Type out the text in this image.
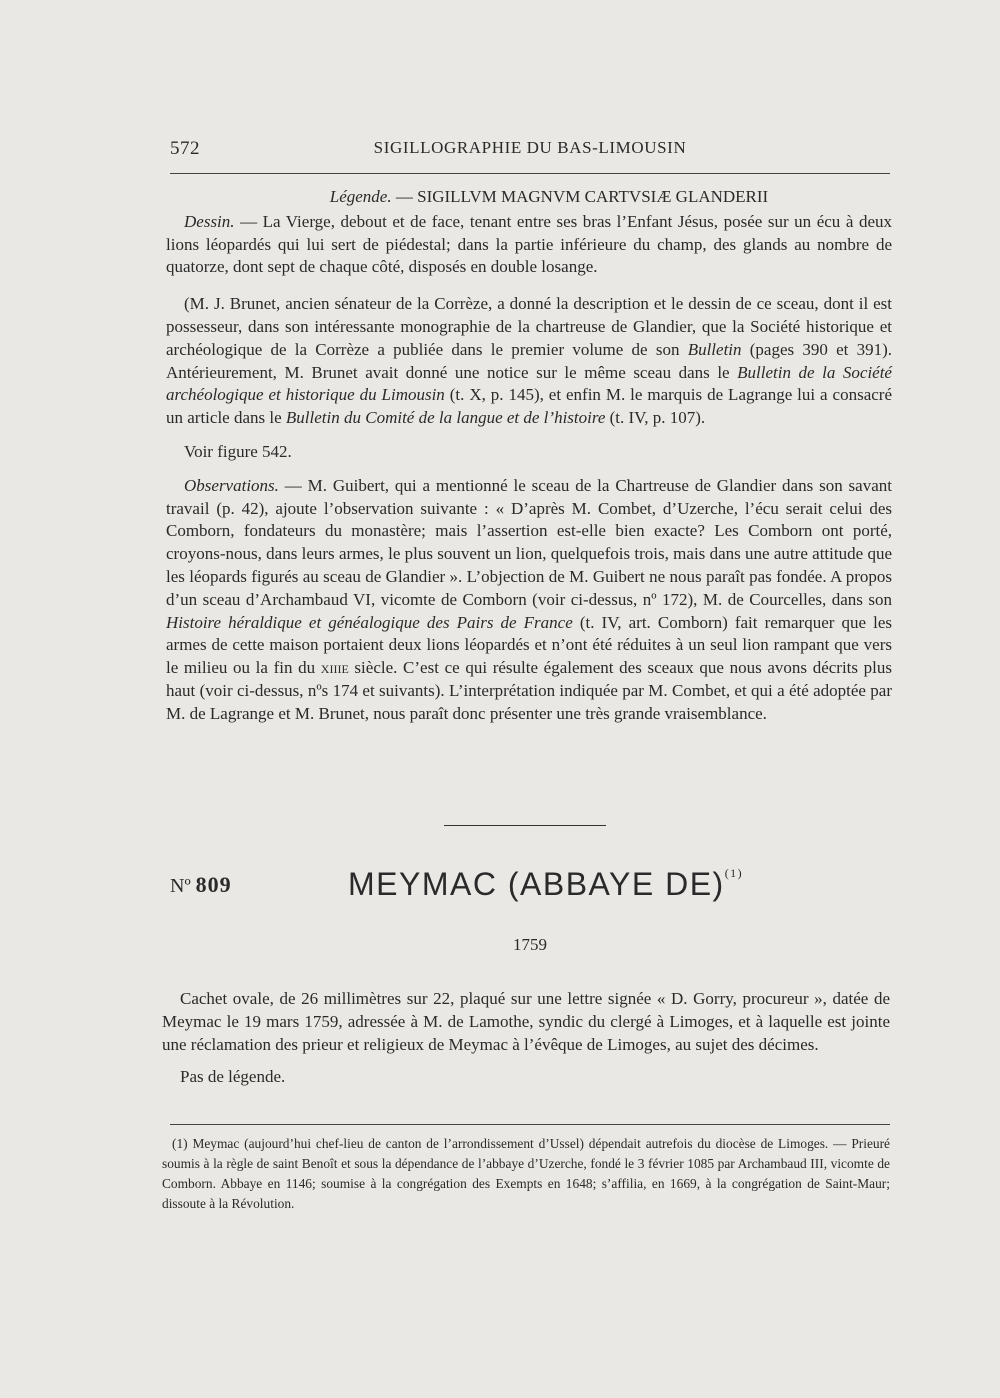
572	SIGILLOGRAPHIE DU BAS-LIMOUSIN

Légende. — SIGILLVM MAGNVM CARTVSIÆ GLANDERII

Dessin. — La Vierge, debout et de face, tenant entre ses bras l’Enfant Jésus, posée sur un écu à deux lions léopardés qui lui sert de piédestal; dans la partie inférieure du champ, des glands au nombre de quatorze, dont sept de chaque côté, disposés en double losange.

(M. J. Brunet, ancien sénateur de la Corrèze, a donné la description et le dessin de ce sceau, dont il est possesseur, dans son intéressante monographie de la chartreuse de Glandier, que la Société historique et archéologique de la Corrèze a publiée dans le premier volume de son Bulletin (pages 390 et 391). Antérieurement, M. Brunet avait donné une notice sur le même sceau dans le Bulletin de la Société archéologique et historique du Limousin (t. X, p. 145), et enfin M. le marquis de Lagrange lui a consacré un article dans le Bulletin du Comité de la langue et de l’histoire (t. IV, p. 107).

Voir figure 542.

Observations. — M. Guibert, qui a mentionné le sceau de la Chartreuse de Glandier dans son savant travail (p. 42), ajoute l’observation suivante : « D’après M. Combet, d’Uzerche, l’écu serait celui des Comborn, fondateurs du monastère; mais l’assertion est-elle bien exacte? Les Comborn ont porté, croyons-nous, dans leurs armes, le plus souvent un lion, quelquefois trois, mais dans une autre attitude que les léopards figurés au sceau de Glandier ». L’objection de M. Guibert ne nous paraît pas fondée. A propos d’un sceau d’Archambaud VI, vicomte de Comborn (voir ci-dessus, nº 172), M. de Courcelles, dans son Histoire héraldique et généalogique des Pairs de France (t. IV, art. Comborn) fait remarquer que les armes de cette maison portaient deux lions léopardés et n’ont été réduites à un seul lion rampant que vers le milieu ou la fin du xiiie siècle. C’est ce qui résulte également des sceaux que nous avons décrits plus haut (voir ci-dessus, nºs 174 et suivants). L’interprétation indiquée par M. Combet, et qui a été adoptée par M. de Lagrange et M. Brunet, nous paraît donc présenter une très grande vraisemblance.

Nº 809	MEYMAC (ABBAYE DE)$^{(1)}$
1759

Cachet ovale, de 26 millimètres sur 22, plaqué sur une lettre signée « D. Gorry, procureur », datée de Meymac le 19 mars 1759, adressée à M. de Lamothe, syndic du clergé à Limoges, et à laquelle est jointe une réclamation des prieur et religieux de Meymac à l’évêque de Limoges, au sujet des décimes.

Pas de légende.

(1) Meymac (aujourd’hui chef-lieu de canton de l’arrondissement d’Ussel) dépendait autrefois du diocèse de Limoges. — Prieuré soumis à la règle de saint Benoît et sous la dépendance de l’abbaye d’Uzerche, fondé le 3 février 1085 par Archambaud III, vicomte de Comborn. Abbaye en 1146; soumise à la congrégation des Exempts en 1648; s’affilia, en 1669, à la congrégation de Saint-Maur; dissoute à la Révolution.
